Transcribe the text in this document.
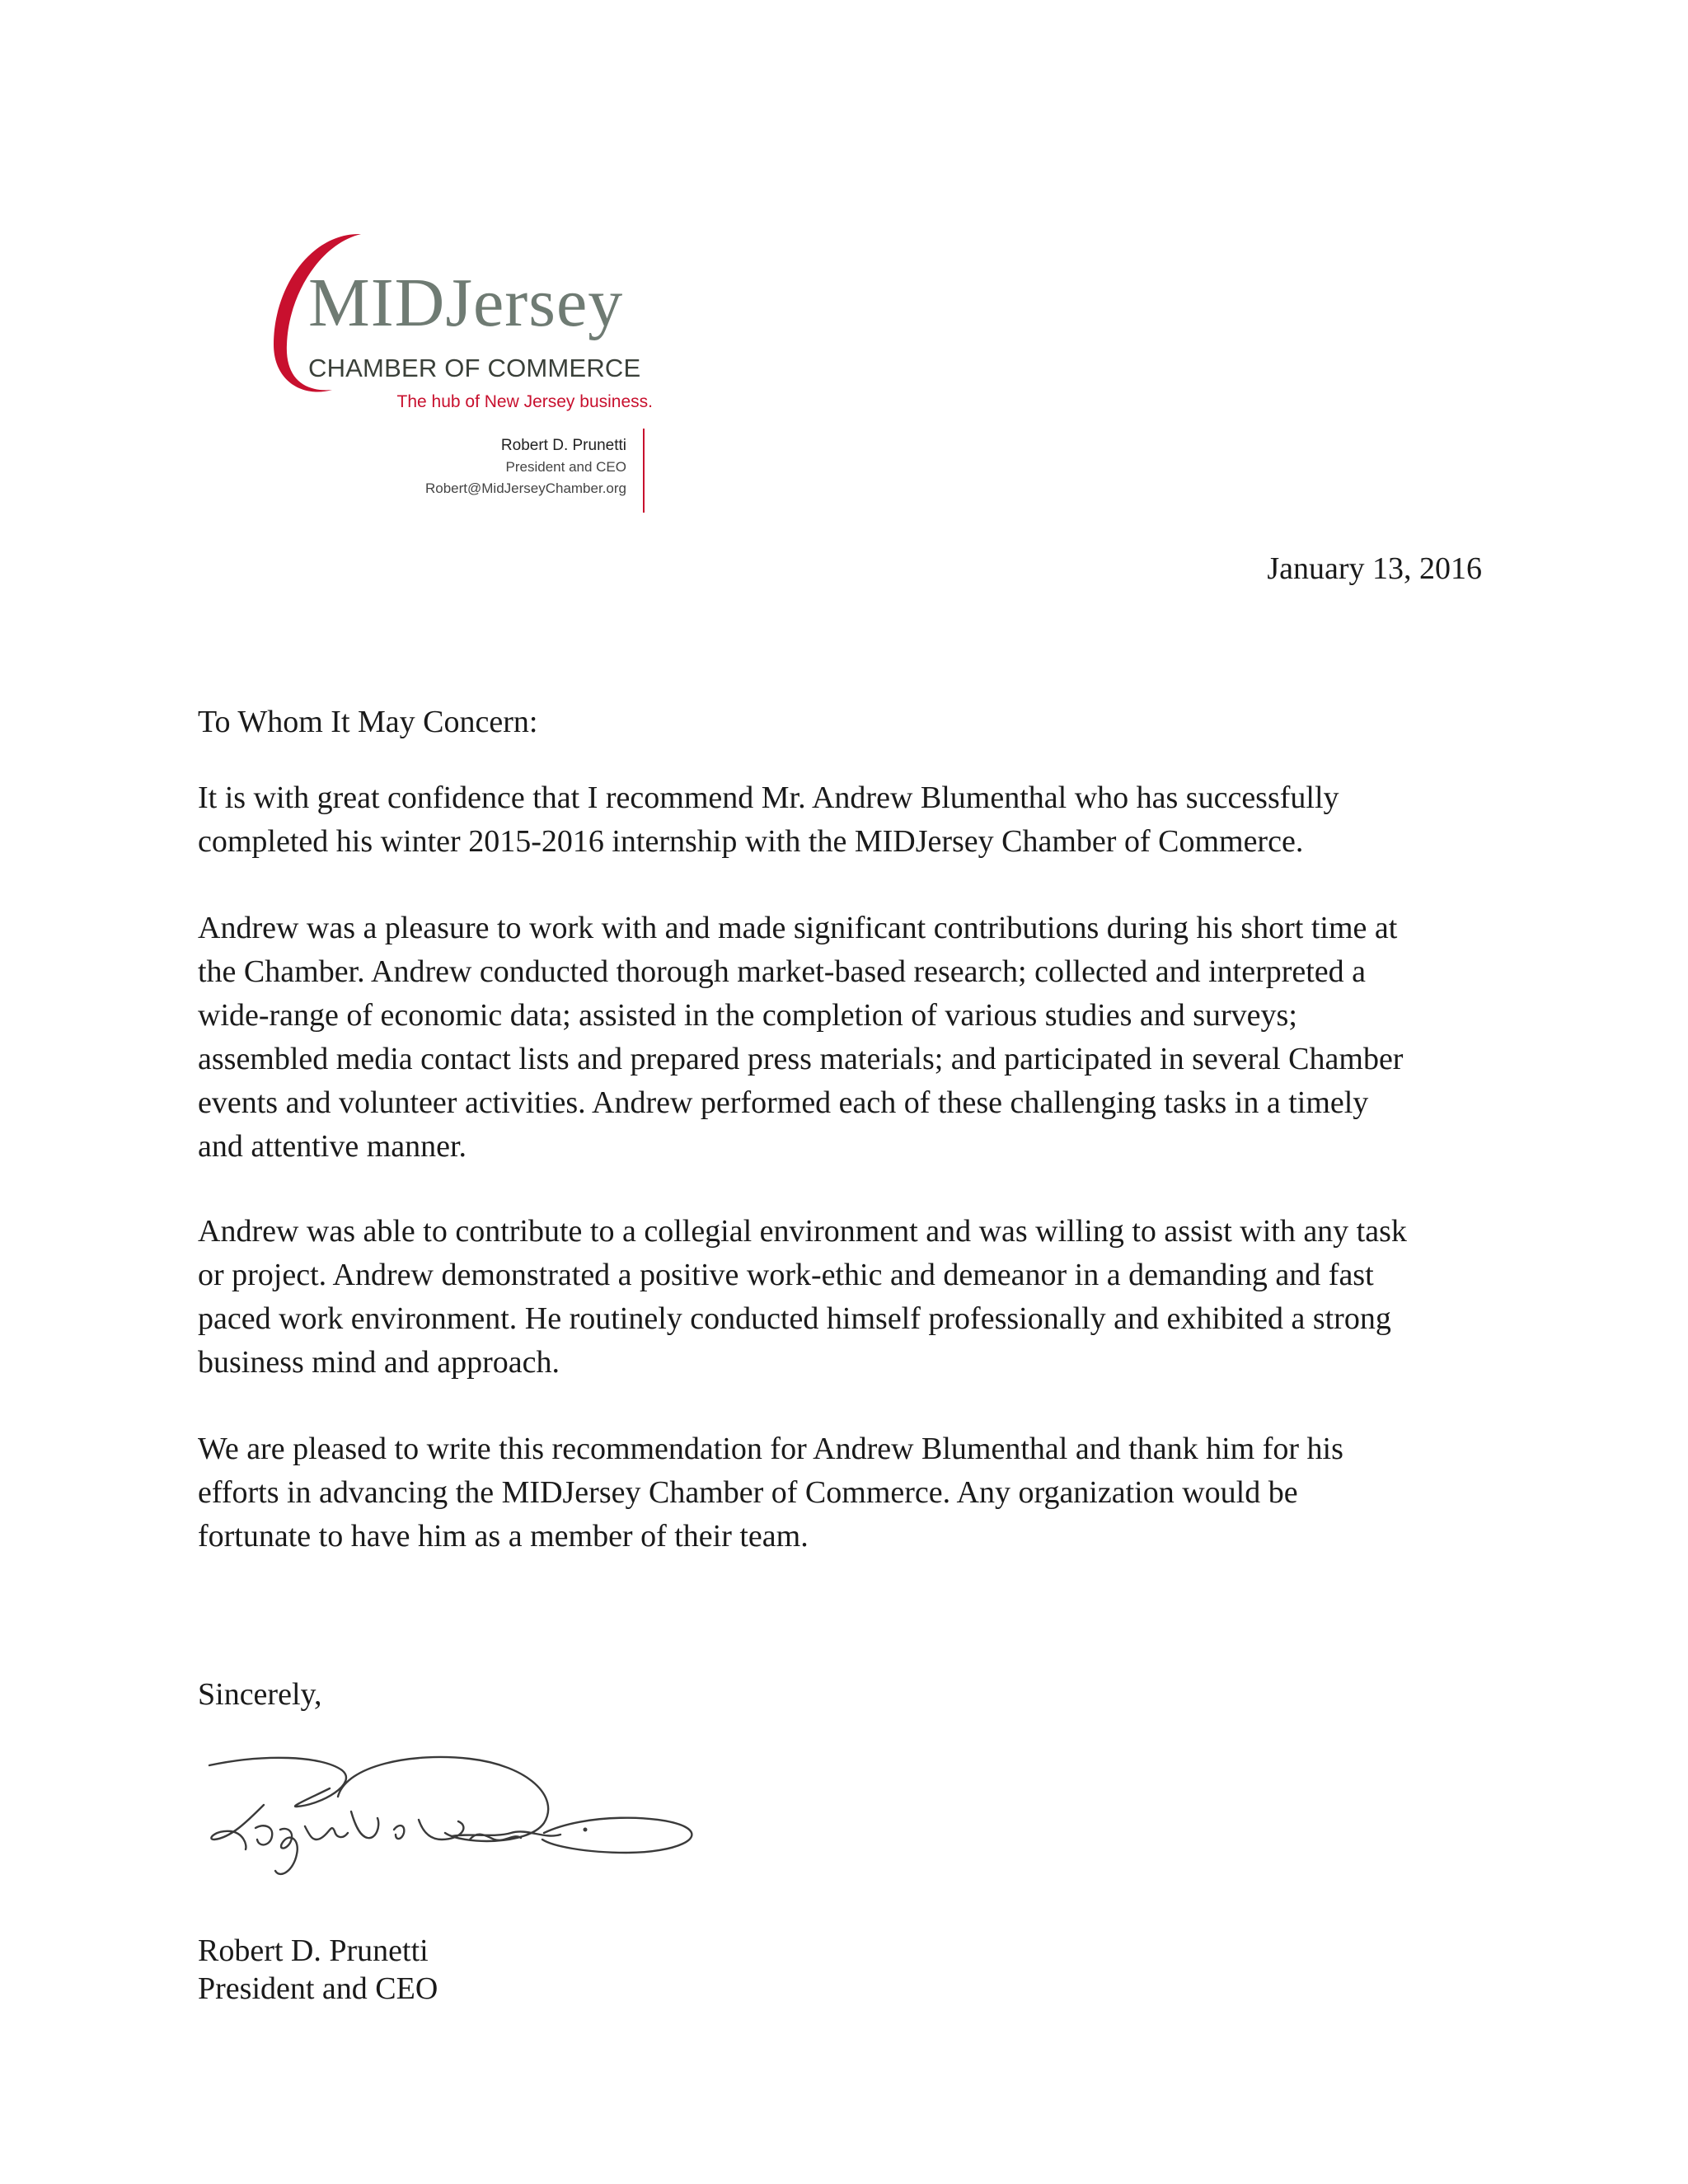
MIDJersey
CHAMBER OF COMMERCE
The hub of New Jersey business.
Robert D. Prunetti
President and CEO
Robert@MidJerseyChamber.org
January 13, 2016

To Whom It May Concern:

It is with great confidence that I recommend Mr. Andrew Blumenthal who has successfully completed his winter 2015-2016 internship with the MIDJersey Chamber of Commerce.

Andrew was a pleasure to work with and made significant contributions during his short time at the Chamber. Andrew conducted thorough market-based research; collected and interpreted a wide-range of economic data; assisted in the completion of various studies and surveys; assembled media contact lists and prepared press materials; and participated in several Chamber events and volunteer activities. Andrew performed each of these challenging tasks in a timely and attentive manner.

Andrew was able to contribute to a collegial environment and was willing to assist with any task or project. Andrew demonstrated a positive work-ethic and demeanor in a demanding and fast paced work environment. He routinely conducted himself professionally and exhibited a strong business mind and approach.

We are pleased to write this recommendation for Andrew Blumenthal and thank him for his efforts in advancing the MIDJersey Chamber of Commerce. Any organization would be fortunate to have him as a member of their team.

Sincerely,

Robert D. Prunetti
President and CEO
